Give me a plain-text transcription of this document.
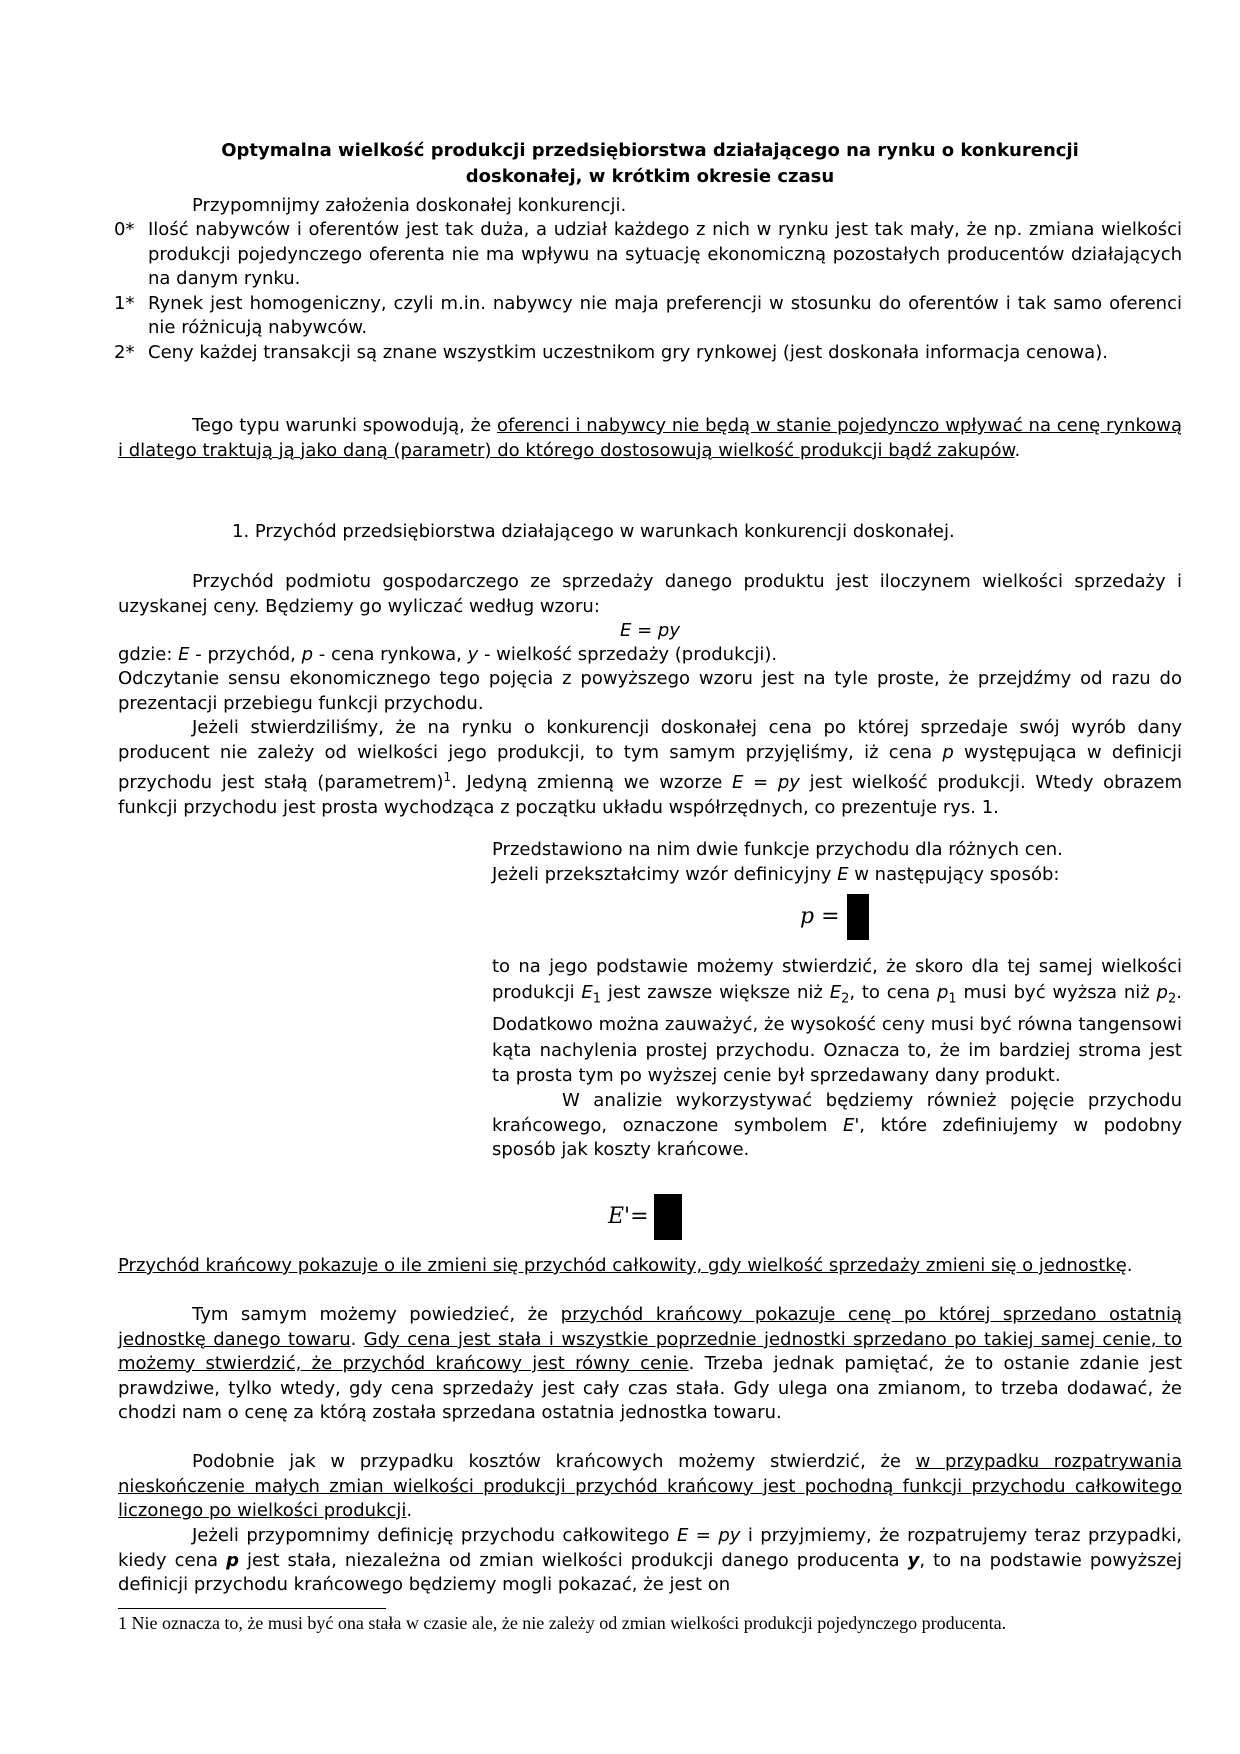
Optymalna wielkość produkcji przedsiębiorstwa działającego na rynku o konkurencji
doskonałej, w krótkim okresie czasu

Przypomnijmy założenia doskonałej konkurencji.

0* Ilość nabywców i oferentów jest tak duża, a udział każdego z nich w rynku jest tak mały, że np. zmiana wielkości produkcji pojedynczego oferenta nie ma wpływu na sytuację ekonomiczną pozostałych producentów działających na danym rynku.
1* Rynek jest homogeniczny, czyli m.in. nabywcy nie maja preferencji w stosunku do oferentów i tak samo oferenci nie różnicują nabywców.
2* Ceny każdej transakcji są znane wszystkim uczestnikom gry rynkowej (jest doskonała informacja cenowa).

Tego typu warunki spowodują, że oferenci i nabywcy nie będą w stanie pojedynczo wpływać na cenę rynkową i dlatego traktują ją jako daną (parametr) do którego dostosowują wielkość produkcji bądź zakupów.

1. Przychód przedsiębiorstwa działającego w warunkach konkurencji doskonałej.

Przychód podmiotu gospodarczego ze sprzedaży danego produktu jest iloczynem wielkości sprzedaży i uzyskanej ceny. Będziemy go wyliczać według wzoru:

E = py

gdzie: E - przychód, p - cena rynkowa, y - wielkość sprzedaży (produkcji).

Odczytanie sensu ekonomicznego tego pojęcia z powyższego wzoru jest na tyle proste, że przejdźmy od razu do prezentacji przebiegu funkcji przychodu.

Jeżeli stwierdziliśmy, że na rynku o konkurencji doskonałej cena po której sprzedaje swój wyrób dany producent nie zależy od wielkości jego produkcji, to tym samym przyjęliśmy, iż cena p występująca w definicji przychodu jest stałą (parametrem)$^1$. Jedyną zmienną we wzorze E = py jest wielkość produkcji. Wtedy obrazem funkcji przychodu jest prosta wychodząca z początku układu współrzędnych, co prezentuje rys. 1.

Przedstawiono na nim dwie funkcje przychodu dla różnych cen.

Jeżeli przekształcimy wzór definicyjny E w następujący sposób:

p =

to na jego podstawie możemy stwierdzić, że skoro dla tej samej wielkości produkcji $E_1$ jest zawsze większe niż $E_2$, to cena $p_1$ musi być wyższa niż $p_2$. Dodatkowo można zauważyć, że wysokość ceny musi być równa tangensowi kąta nachylenia prostej przychodu. Oznacza to, że im bardziej stroma jest ta prosta tym po wyższej cenie był sprzedawany dany produkt.

W analizie wykorzystywać będziemy również pojęcie przychodu krańcowego, oznaczone symbolem E', które zdefiniujemy w podobny sposób jak koszty krańcowe.

E'=

Przychód krańcowy pokazuje o ile zmieni się przychód całkowity, gdy wielkość sprzedaży zmieni się o jednostkę.

Tym samym możemy powiedzieć, że przychód krańcowy pokazuje cenę po której sprzedano ostatnią jednostkę danego towaru. Gdy cena jest stała i wszystkie poprzednie jednostki sprzedano po takiej samej cenie, to możemy stwierdzić, że przychód krańcowy jest równy cenie. Trzeba jednak pamiętać, że to ostanie zdanie jest prawdziwe, tylko wtedy, gdy cena sprzedaży jest cały czas stała. Gdy ulega ona zmianom, to trzeba dodawać, że chodzi nam o cenę za którą została sprzedana ostatnia jednostka towaru.

Podobnie jak w przypadku kosztów krańcowych możemy stwierdzić, że w przypadku rozpatrywania nieskończenie małych zmian wielkości produkcji przychód krańcowy jest pochodną funkcji przychodu całkowitego liczonego po wielkości produkcji.

Jeżeli przypomnimy definicję przychodu całkowitego E = py i przyjmiemy, że rozpatrujemy teraz przypadki, kiedy cena p jest stała, niezależna od zmian wielkości produkcji danego producenta y, to na podstawie powyższej definicji przychodu krańcowego będziemy mogli pokazać, że jest on

1 Nie oznacza to, że musi być ona stała w czasie ale, że nie zależy od zmian wielkości produkcji pojedynczego producenta.
